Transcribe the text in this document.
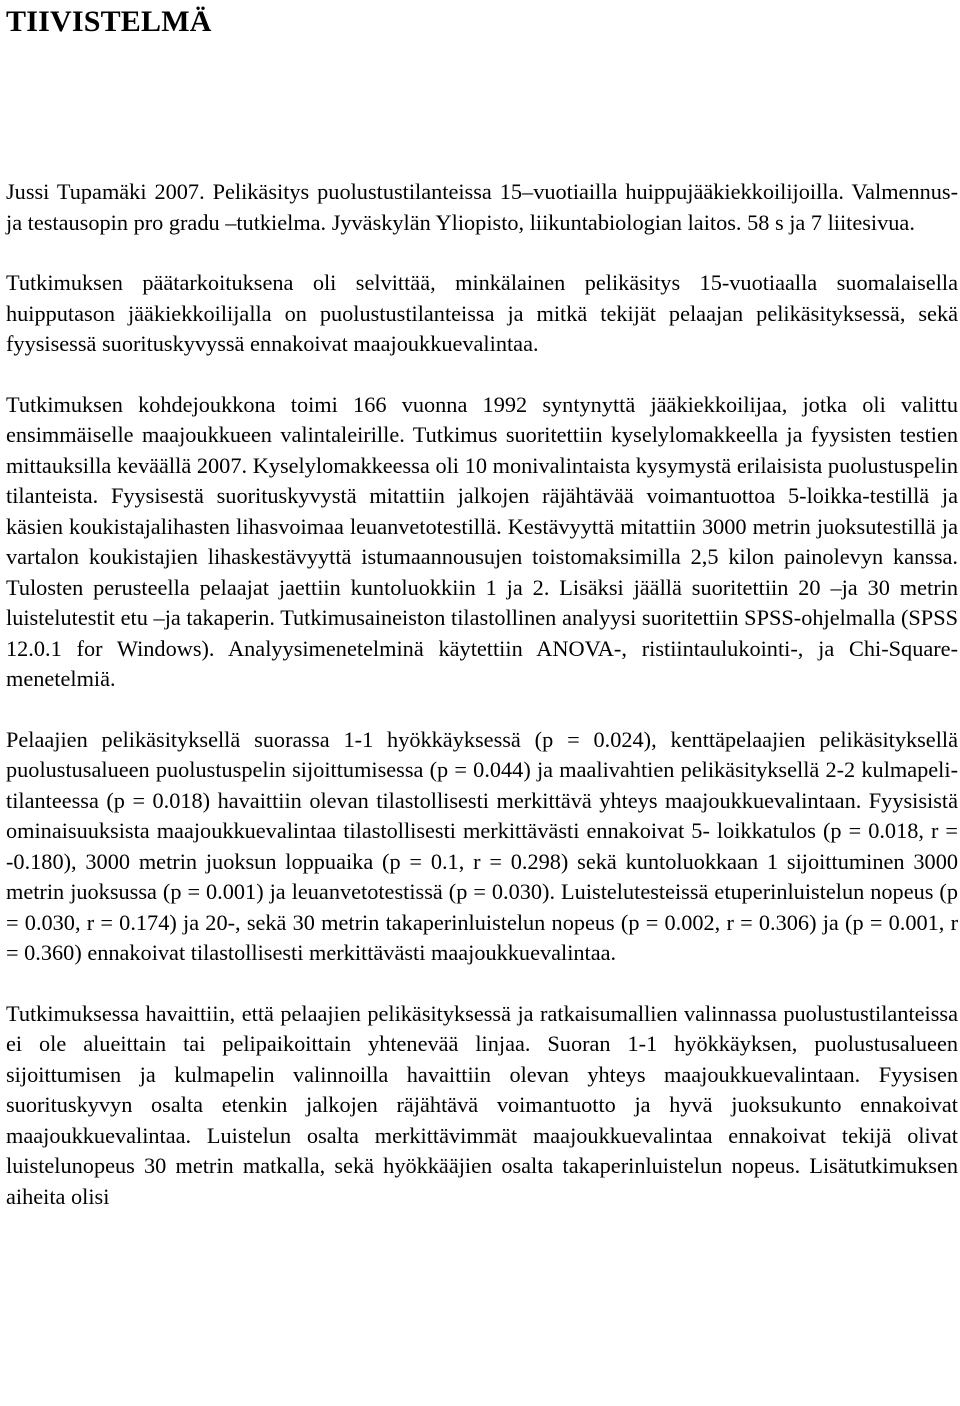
TIIVISTELMÄ

Jussi Tupamäki 2007. Pelikäsitys puolustustilanteissa 15–vuotiailla huippujääkiekkoilijoilla. Valmennus- ja testausopin pro gradu –tutkielma. Jyväskylän Yliopisto, liikuntabiologian laitos. 58 s ja 7 liitesivua.

Tutkimuksen päätarkoituksena oli selvittää, minkälainen pelikäsitys 15-vuotiaalla suomalaisella huipputason jääkiekkoilijalla on puolustustilanteissa ja mitkä tekijät pelaajan pelikäsityksessä, sekä fyysisessä suorituskyvyssä ennakoivat maajoukkuevalintaa.

Tutkimuksen kohdejoukkona toimi 166 vuonna 1992 syntynyttä jääkiekkoilijaa, jotka oli valittu ensimmäiselle maajoukkueen valintaleirille. Tutkimus suoritettiin kyselylomakkeella ja fyysisten testien mittauksilla keväällä 2007. Kyselylomakkeessa oli 10 monivalintaista kysymystä erilaisista puolustuspelin tilanteista. Fyysisestä suorituskyvystä mitattiin jalkojen räjähtävää voimantuottoa 5-loikka-testillä ja käsien koukistajalihasten lihasvoimaa leuanvetotestillä. Kestävyyttä mitattiin 3000 metrin juoksutestillä ja vartalon koukistajien lihaskestävyyttä istumaannousujen toistomaksimilla 2,5 kilon painolevyn kanssa. Tulosten perusteella pelaajat jaettiin kuntoluokkiin 1 ja 2. Lisäksi jäällä suoritettiin 20 –ja 30 metrin luistelutestit etu –ja takaperin. Tutkimusaineiston tilastollinen analyysi suoritettiin SPSS-ohjelmalla (SPSS 12.0.1 for Windows). Analyysimenetelminä käytettiin ANOVA-, ristiintaulukointi-, ja Chi-Square- menetelmiä.

Pelaajien pelikäsityksellä suorassa 1-1 hyökkäyksessä (p = 0.024), kenttäpelaajien pelikäsityksellä puolustusalueen puolustuspelin sijoittumisessa (p = 0.044) ja maalivahtien pelikäsityksellä 2-2 kulmapeli-tilanteessa (p = 0.018) havaittiin olevan tilastollisesti merkittävä yhteys maajoukkuevalintaan. Fyysisistä ominaisuuksista maajoukkuevalintaa tilastollisesti merkittävästi ennakoivat 5- loikkatulos (p = 0.018, r = -0.180), 3000 metrin juoksun loppuaika (p = 0.1, r = 0.298) sekä kuntoluokkaan 1 sijoittuminen 3000 metrin juoksussa (p = 0.001) ja leuanvetotestissä (p = 0.030). Luistelutesteissä etuperinluistelun nopeus (p = 0.030, r = 0.174) ja 20-, sekä 30 metrin takaperinluistelun nopeus (p = 0.002, r = 0.306) ja (p = 0.001, r = 0.360) ennakoivat tilastollisesti merkittävästi maajoukkuevalintaa.

Tutkimuksessa havaittiin, että pelaajien pelikäsityksessä ja ratkaisumallien valinnassa puolustustilanteissa ei ole alueittain tai pelipaikoittain yhtenevää linjaa. Suoran 1-1 hyökkäyksen, puolustusalueen sijoittumisen ja kulmapelin valinnoilla havaittiin olevan yhteys maajoukkuevalintaan. Fyysisen suorituskyvyn osalta etenkin jalkojen räjähtävä voimantuotto ja hyvä juoksukunto ennakoivat maajoukkuevalintaa. Luistelun osalta merkittävimmät maajoukkuevalintaa ennakoivat tekijä olivat luistelunopeus 30 metrin matkalla, sekä hyökkääjien osalta takaperinluistelun nopeus. Lisätutkimuksen aiheita olisi
